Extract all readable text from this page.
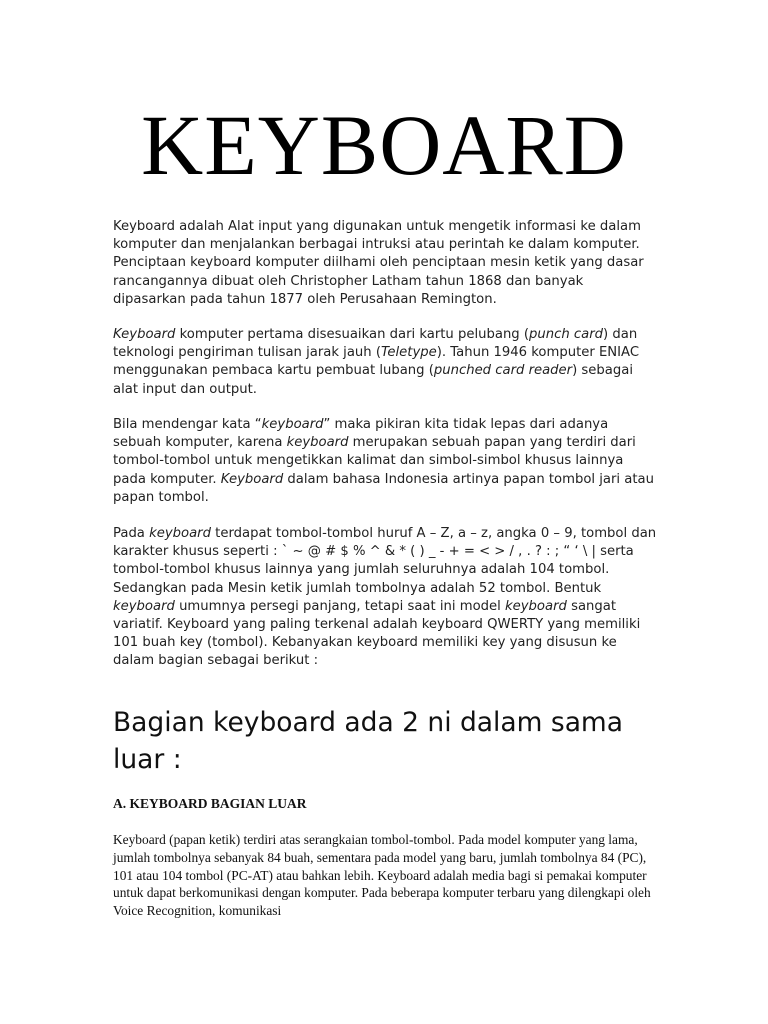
KEYBOARD

Keyboard adalah Alat input yang digunakan untuk mengetik informasi ke dalam komputer dan menjalankan berbagai intruksi atau perintah ke dalam komputer. Penciptaan keyboard komputer diilhami oleh penciptaan mesin ketik yang dasar rancangannya dibuat oleh Christopher Latham tahun 1868 dan banyak dipasarkan pada tahun 1877 oleh Perusahaan Remington.

Keyboard komputer pertama disesuaikan dari kartu pelubang (punch card) dan teknologi pengiriman tulisan jarak jauh (Teletype). Tahun 1946 komputer ENIAC menggunakan pembaca kartu pembuat lubang (punched card reader) sebagai alat input dan output.

Bila mendengar kata “keyboard” maka pikiran kita tidak lepas dari adanya sebuah komputer, karena keyboard merupakan sebuah papan yang terdiri dari tombol-tombol untuk mengetikkan kalimat dan simbol-simbol khusus lainnya pada komputer. Keyboard dalam bahasa Indonesia artinya papan tombol jari atau papan tombol.

Pada keyboard terdapat tombol-tombol huruf A – Z, a – z, angka 0 – 9, tombol dan karakter khusus seperti : ` ~ @ # $ % ^ & * ( ) _ - + = < > / , . ? : ; “ ‘ \ | serta tombol-tombol khusus lainnya yang jumlah seluruhnya adalah 104 tombol. Sedangkan pada Mesin ketik jumlah tombolnya adalah 52 tombol. Bentuk keyboard umumnya persegi panjang, tetapi saat ini model keyboard sangat variatif. Keyboard yang paling terkenal adalah keyboard QWERTY yang memiliki 101 buah key (tombol). Kebanyakan keyboard memiliki key yang disusun ke dalam bagian sebagai berikut :

Bagian keyboard ada 2 ni dalam sama luar :
A. KEYBOARD BAGIAN LUAR

Keyboard (papan ketik) terdiri atas serangkaian tombol-tombol. Pada model komputer yang lama, jumlah tombolnya sebanyak 84 buah, sementara pada model yang baru, jumlah tombolnya 84 (PC), 101 atau 104 tombol (PC-AT) atau bahkan lebih. Keyboard adalah media bagi si pemakai komputer untuk dapat berkomunikasi dengan komputer. Pada beberapa komputer terbaru yang dilengkapi oleh Voice Recognition, komunikasi
